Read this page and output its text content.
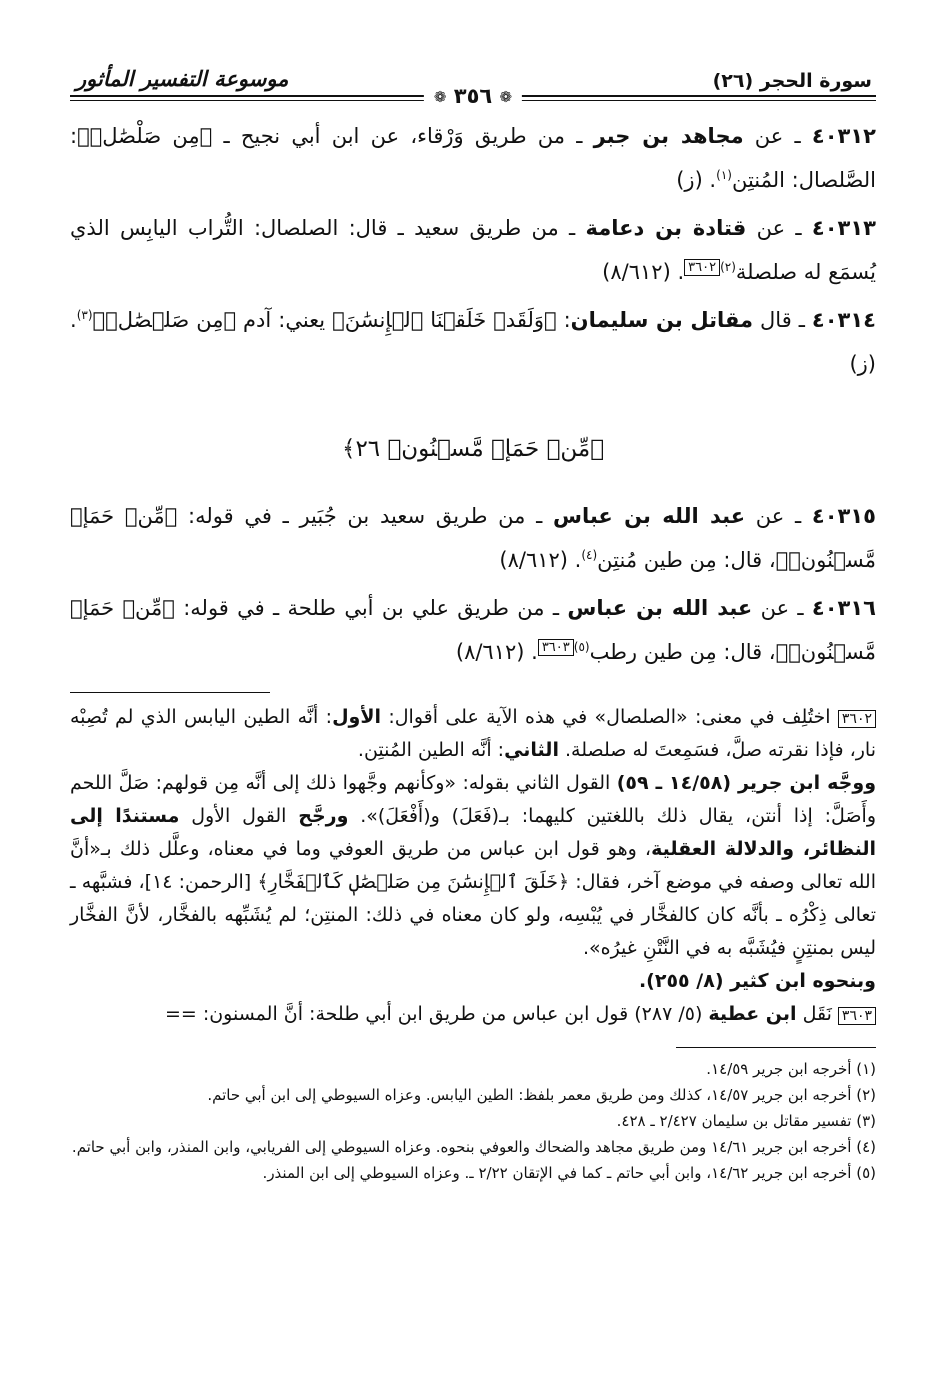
سورة الحجر (٢٦)
موسوعة التفسير المأثور
❁ ٣٥٦ ❁
٤٠٣١٢ ـ عن مجاهد بن جبر ـ من طريق وَرْقاء، عن ابن أبي نجيح ـ ﴿مِن صَلْصَٰلٖ﴾: الصَّلصال: المُنتِن$^{(١)}$. (ز)
٤٠٣١٣ ـ عن قتادة بن دعامة ـ من طريق سعيد ـ قال: الصلصال: التُّراب اليابِس الذي يُسمَع له صلصلة$^{(٢)}$٣٦٠٢. (٨/٦١٢)
٤٠٣١٤ ـ قال مقاتل بن سليمان: ﴿وَلَقَدۡ خَلَقۡنَا ٱلۡإِنسَٰنَ﴾ يعني: آدم ﴿مِن صَلۡصَٰلٖ﴾$^{(٣)}$. (ز)
﴿مِّنۡ حَمَإٖ مَّسۡنُونٖ ٢٦﴾
٤٠٣١٥ ـ عن عبد الله بن عباس ـ من طريق سعيد بن جُبَير ـ في قوله: ﴿مِّنۡ حَمَإٖ مَّسۡنُونٖ﴾، قال: مِن طين مُنتِن$^{(٤)}$. (٨/٦١٢)
٤٠٣١٦ ـ عن عبد الله بن عباس ـ من طريق علي بن أبي طلحة ـ في قوله: ﴿مِّنۡ حَمَإٖ مَّسۡنُونٖ﴾، قال: مِن طين رطب$^{(٥)}$٣٦٠٣. (٨/٦١٢)
٣٦٠٢ اختُلِف في معنى: «الصلصال» في هذه الآية على أقوال: الأول: أنَّه الطين اليابس الذي لم تُصِبْه نار، فإذا نقرته صلَّ، فسَمِعتَ له صلصلة. الثاني: أنَّه الطين المُنتِن.
ووجَّه ابن جرير (١٤/٥٨ ـ ٥٩) القول الثاني بقوله: «وكأنهم وجَّهوا ذلك إلى أنَّه مِن قولهم: صَلَّ اللحم وأَصَلَّ: إذا أنتن، يقال ذلك باللغتين كليهما: بـ(فَعَلَ) و(أَفْعَلَ)». ورجَّح القول الأول مستندًا إلى النظائر، والدلالة العقلية، وهو قول ابن عباس من طريق العوفي وما في معناه، وعلَّل ذلك بـ«أنَّ الله تعالى وصفه في موضع آخر، فقال: ﴿خَلَقَ ٱلۡإِنسَٰنَ مِن صَلۡصَٰلٖ كَٱلۡفَخَّارِ﴾ [الرحمن: ١٤]، فشبَّهه ـ تعالى ذِكْرُه ـ بأنَّه كان كالفخَّار في يُبْسِه، ولو كان معناه في ذلك: المنتِن؛ لم يُشَبِّهه بالفخَّار، لأنَّ الفخَّار ليس بمنتِنٍ فيُشَبَّه به في النَّتْنِ غيرُه».
وبنحوه ابن كثير (٨/ ٢٥٥).
٣٦٠٣ نَقَل ابن عطية (٥/ ٢٨٧) قول ابن عباس من طريق ابن أبي طلحة: أنَّ المسنون: ==
(١) أخرجه ابن جرير ١٤/٥٩.
(٢) أخرجه ابن جرير ١٤/٥٧، كذلك ومن طريق معمر بلفظ: الطين اليابس. وعزاه السيوطي إلى ابن أبي حاتم.
(٣) تفسير مقاتل بن سليمان ٢/٤٢٧ ـ ٤٢٨.
(٤) أخرجه ابن جرير ١٤/٦١ ومن طريق مجاهد والضحاك والعوفي بنحوه. وعزاه السيوطي إلى الفريابي، وابن المنذر، وابن أبي حاتم.
(٥) أخرجه ابن جرير ١٤/٦٢، وابن أبي حاتم ـ كما في الإتقان ٢/٢٢ ـ. وعزاه السيوطي إلى ابن المنذر.
